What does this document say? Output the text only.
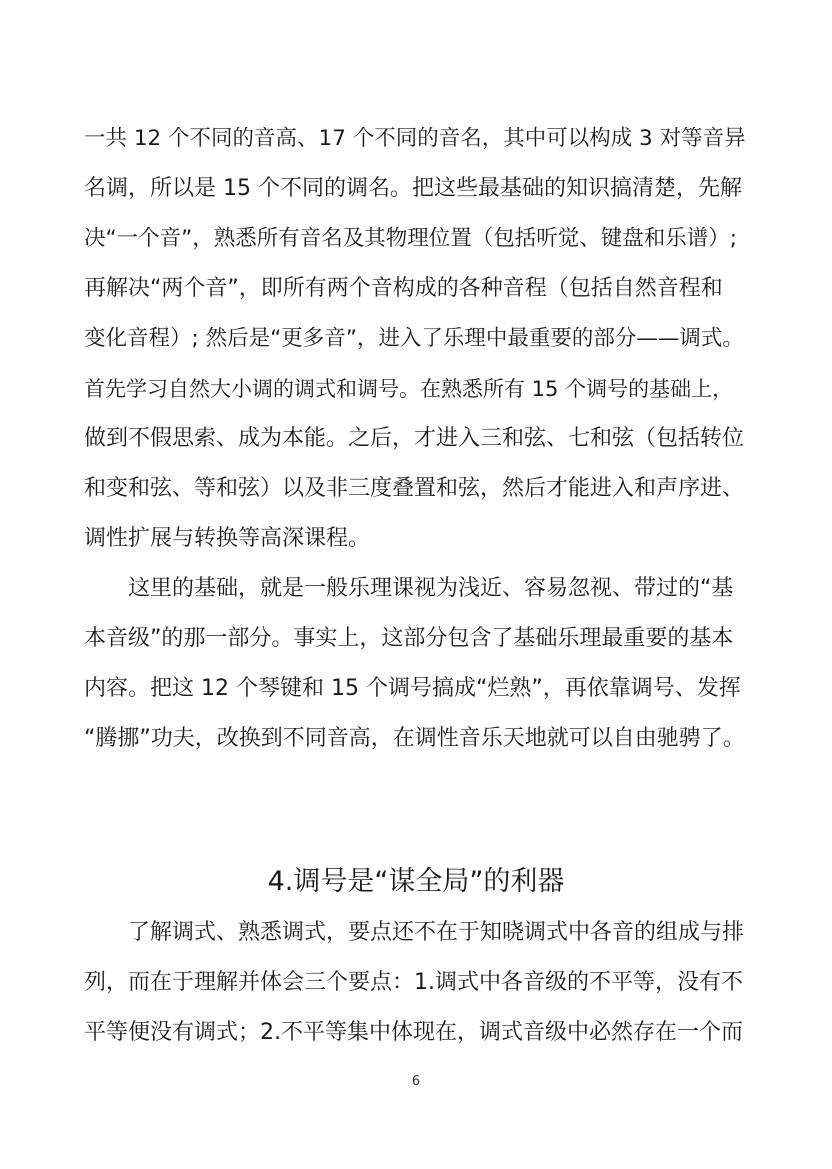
一共 12 个不同的音高、17 个不同的音名，其中可以构成 3 对等音异
名调，所以是 15 个不同的调名。把这些最基础的知识搞清楚，先解
决“一个音”，熟悉所有音名及其物理位置（包括听觉、键盘和乐谱）;
再解决“两个音”，即所有两个音构成的各种音程（包括自然音程和
变化音程）; 然后是“更多音”，进入了乐理中最重要的部分——调式。
首先学习自然大小调的调式和调号。在熟悉所有 15 个调号的基础上，
做到不假思索、成为本能。之后，才进入三和弦、七和弦（包括转位
和变和弦、等和弦）以及非三度叠置和弦，然后才能进入和声序进、
调性扩展与转换等高深课程。
这里的基础，就是一般乐理课视为浅近、容易忽视、带过的“基
本音级”的那一部分。事实上，这部分包含了基础乐理最重要的基本
内容。把这 12 个琴键和 15 个调号搞成“烂熟”，再依靠调号、发挥
“腾挪”功夫，改换到不同音高，在调性音乐天地就可以自由驰骋了。
4.调号是“谋全局”的利器
了解调式、熟悉调式，要点还不在于知晓调式中各音的组成与排
列，而在于理解并体会三个要点：1.调式中各音级的不平等，没有不
平等便没有调式；2.不平等集中体现在，调式音级中必然存在一个而
6
